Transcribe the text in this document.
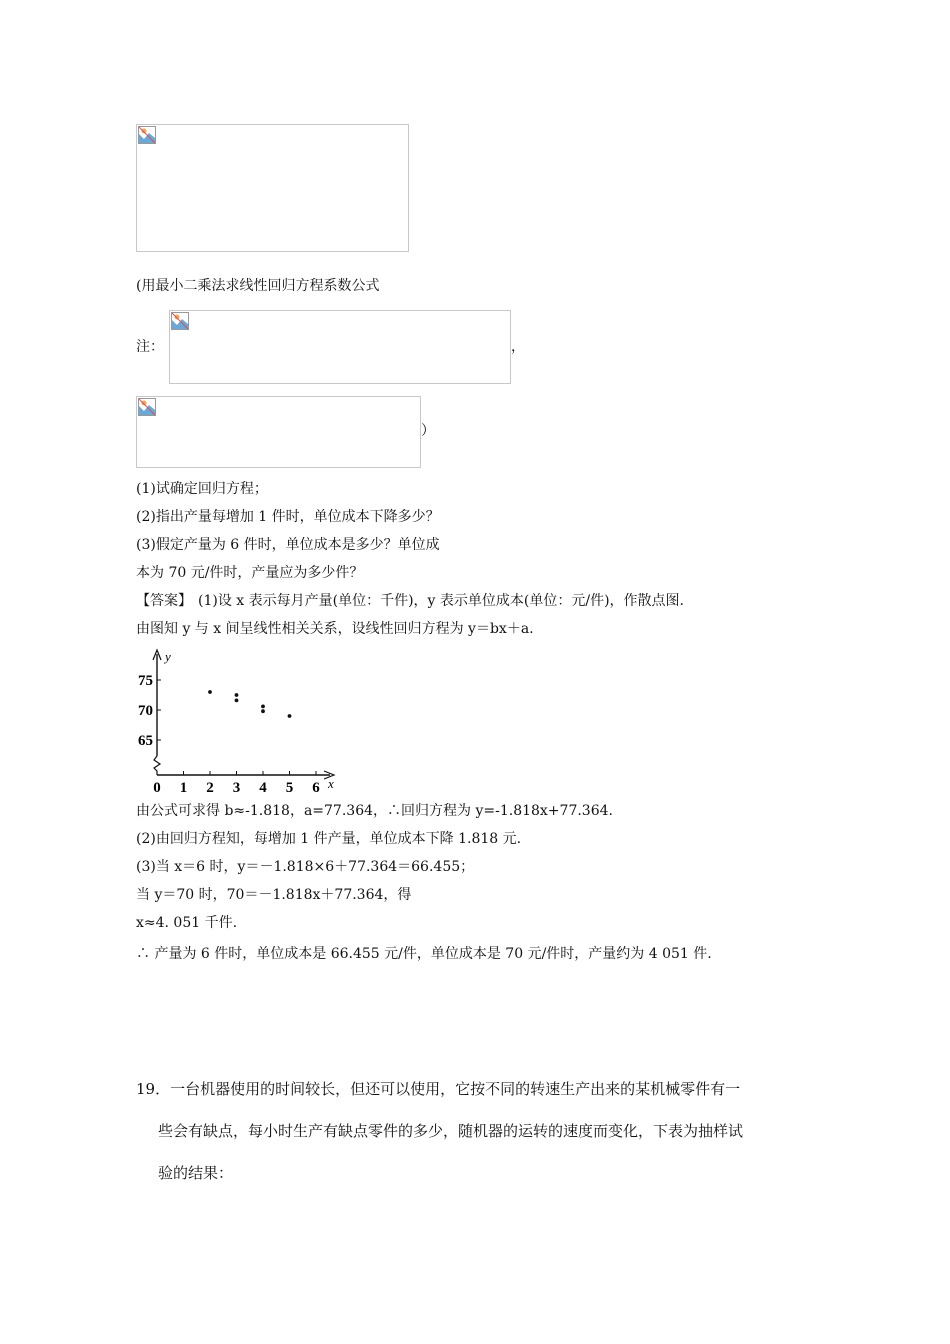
(用最小二乘法求线性回归方程系数公式
注：	，
）
(1)试确定回归方程；
(2)指出产量每增加 1 件时，单位成本下降多少？
(3)假定产量为 6 件时，单位成本是多少？单位成
本为 70 元/件时，产量应为多少件？
【答案】 (1)设 x 表示每月产量(单位：千件)，y 表示单位成本(单位：元/件)，作散点图.
由图知 y 与 x 间呈线性相关关系，设线性回归方程为 y＝bx＋a.
y
x
0 1 2 3 4 5 6
65
70
75
由公式可求得 b≈-1.818，a=77.364，∴回归方程为 y=-1.818x+77.364.
(2)由回归方程知，每增加 1 件产量，单位成本下降 1.818 元.
(3)当 x＝6 时，y＝－1.818×6＋77.364＝66.455；
当 y＝70 时，70＝－1.818x＋77.364，得
x≈4. 051 千件.
∴ 产量为 6 件时，单位成本是 66.455 元/件，单位成本是 70 元/件时，产量约为 4 051 件.
19．一台机器使用的时间较长，但还可以使用，它按不同的转速生产出来的某机械零件有一
些会有缺点，每小时生产有缺点零件的多少，随机器的运转的速度而变化，下表为抽样试
验的结果：
